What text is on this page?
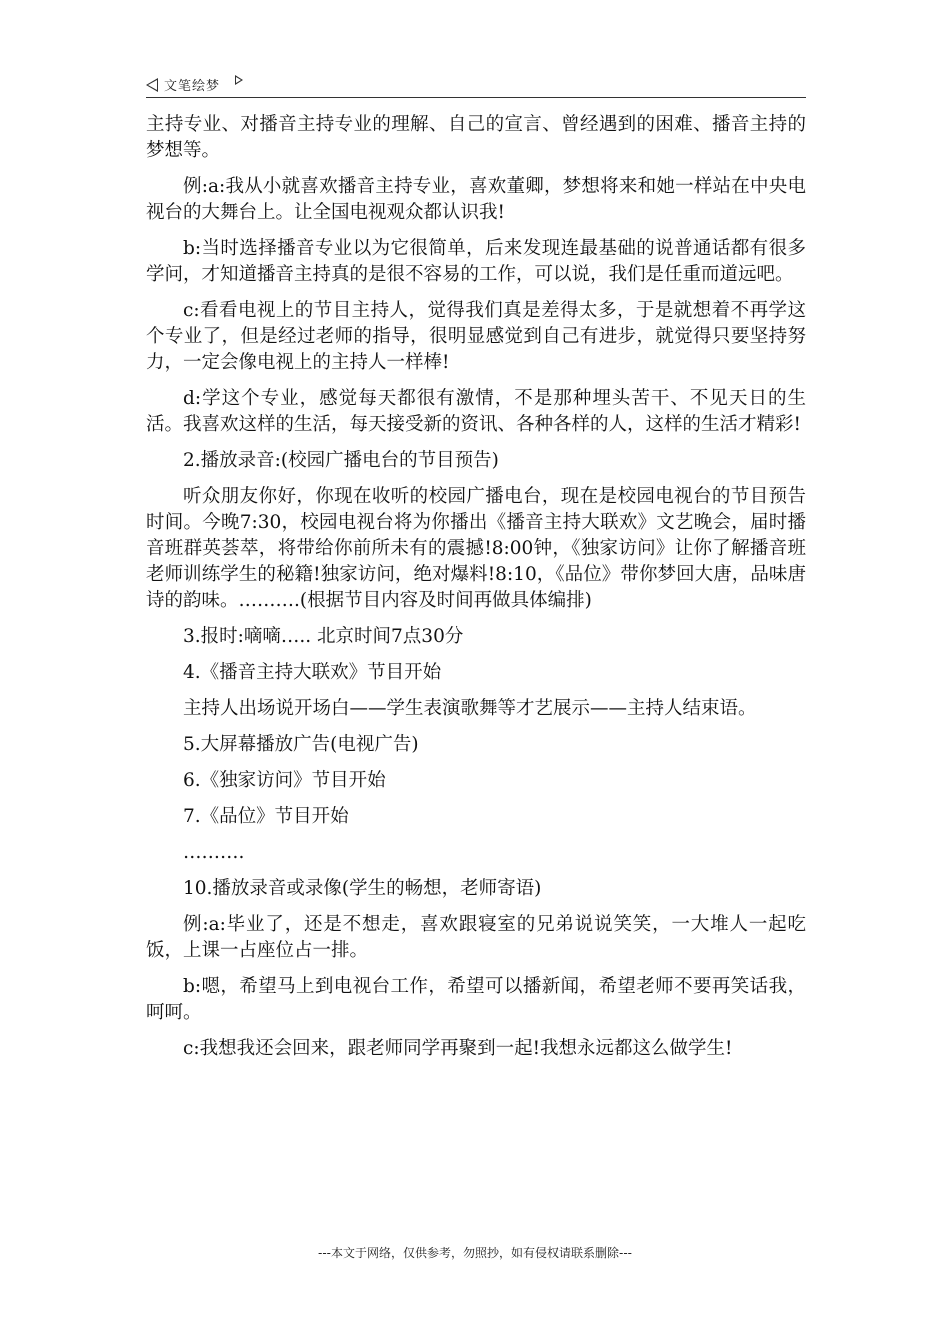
文笔绘梦

主持专业、对播音主持专业的理解、自己的宣言、曾经遇到的困难、播音主持的梦想等。

例:a:我从小就喜欢播音主持专业，喜欢董卿，梦想将来和她一样站在中央电视台的大舞台上。让全国电视观众都认识我!

b:当时选择播音专业以为它很简单，后来发现连最基础的说普通话都有很多学问，才知道播音主持真的是很不容易的工作，可以说，我们是任重而道远吧。

c:看看电视上的节目主持人，觉得我们真是差得太多，于是就想着不再学这个专业了，但是经过老师的指导，很明显感觉到自己有进步，就觉得只要坚持努力，一定会像电视上的主持人一样棒!

d:学这个专业，感觉每天都很有激情，不是那种埋头苦干、不见天日的生活。我喜欢这样的生活，每天接受新的资讯、各种各样的人，这样的生活才精彩!

2.播放录音:(校园广播电台的节目预告)

听众朋友你好，你现在收听的校园广播电台，现在是校园电视台的节目预告时间。今晚7:30，校园电视台将为你播出《播音主持大联欢》文艺晚会，届时播音班群英荟萃，将带给你前所未有的震撼!8:00钟，《独家访问》让你了解播音班老师训练学生的秘籍!独家访问，绝对爆料!8:10，《品位》带你梦回大唐，品味唐诗的韵味。……….(根据节目内容及时间再做具体编排)

3.报时:嘀嘀….. 北京时间7点30分

4.《播音主持大联欢》节目开始

主持人出场说开场白——学生表演歌舞等才艺展示——主持人结束语。

5.大屏幕播放广告(电视广告)

6.《独家访问》节目开始

7.《品位》节目开始

……….

10.播放录音或录像(学生的畅想，老师寄语)

例:a:毕业了，还是不想走，喜欢跟寝室的兄弟说说笑笑，一大堆人一起吃饭，上课一占座位占一排。

b:嗯，希望马上到电视台工作，希望可以播新闻，希望老师不要再笑话我，呵呵。

c:我想我还会回来，跟老师同学再聚到一起!我想永远都这么做学生!

---本文于网络，仅供参考，勿照抄，如有侵权请联系删除---
